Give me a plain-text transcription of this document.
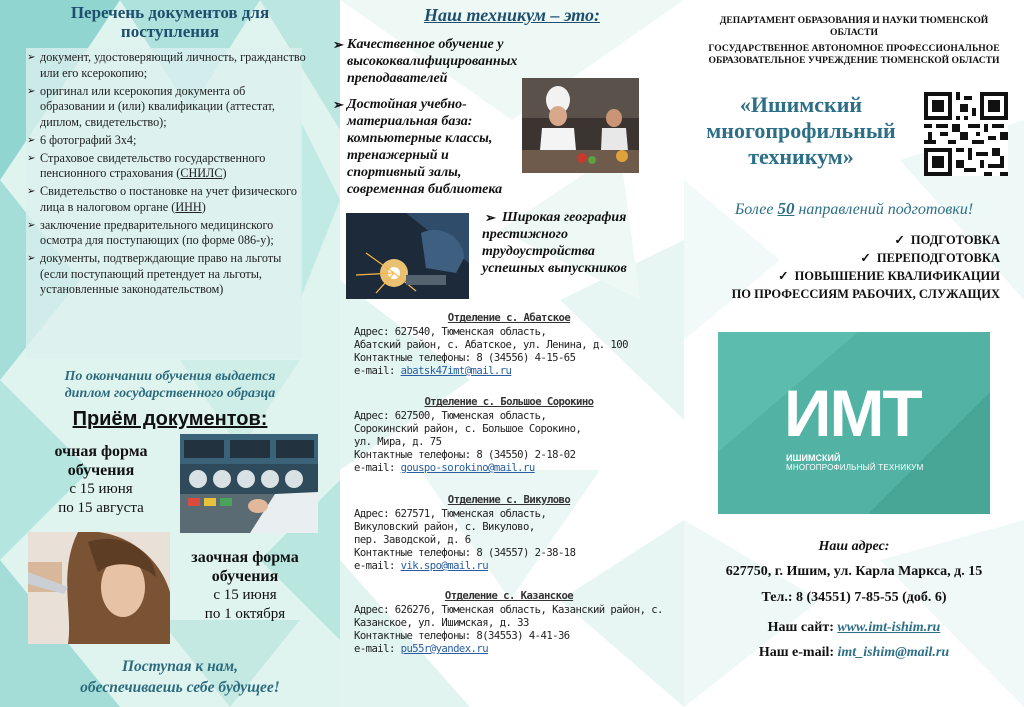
Перечень документов для поступления
➢ документ, удостоверяющий личность, гражданство или его ксерокопию;
➢ оригинал или ксерокопия документа об образовании и (или) квалификации (аттестат, диплом, свидетельство);
➢ 6 фотографий 3х4;
➢ Страховое свидетельство государственного пенсионного страхования (СНИЛС)
➢ Свидетельство о постановке на учет физического лица в налоговом органе (ИНН)
➢ заключение предварительного медицинского осмотра для поступающих (по форме 086-у);
➢ документы, подтверждающие право на льготы (если поступающий претендует на льготы, установленные законодательством)
По окончании обучения выдается
диплом государственного образца
Приём документов:
очная форма
обучения
с 15 июня
по 15 августа
заочная форма
обучения
с 15 июня
по 1 октября
Поступая к нам,
обеспечиваешь себе будущее!
Наш техникум – это:
➢ Качественное обучение у
высококвалифицированных
преподавателей
➢ Достойная учебно-
материальная база:
компьютерные классы,
тренажерный и
спортивный залы,
современная библиотека
➢ Широкая география
престижного
трудоустройства
успешных выпускников
Отделение с. Абатское
Адрес: 627540, Тюменская область,
Абатский район, с. Абатское, ул. Ленина, д. 100
Контактные телефоны: 8 (34556) 4-15-65
e-mail: abatsk47imt@mail.ru
Отделение с. Большое Сорокино
Адрес: 627500, Тюменская область,
Сорокинский район, с. Большое Сорокино,
ул. Мира, д. 75
Контактные телефоны: 8 (34550) 2-18-02
e-mail: gouspo-sorokino@mail.ru
Отделение с. Викулово
Адрес: 627571, Тюменская область,
Викуловский район, с. Викулово,
пер. Заводской, д. 6
Контактные телефоны: 8 (34557) 2-38-18
e-mail: vik.spo@mail.ru
Отделение с. Казанское
Адрес: 626276, Тюменская область, Казанский район, с.
Казанское, ул. Ишимская, д. 33
Контактные телефоны: 8(34553) 4-41-36
e-mail: pu55r@yandex.ru
ДЕПАРТАМЕНТ ОБРАЗОВАНИЯ И НАУКИ ТЮМЕНСКОЙ
ОБЛАСТИ
ГОСУДАРСТВЕННОЕ АВТОНОМНОЕ ПРОФЕССИОНАЛЬНОЕ
ОБРАЗОВАТЕЛЬНОЕ УЧРЕЖДЕНИЕ ТЮМЕНСКОЙ ОБЛАСТИ
«Ишимский
многопрофильный
техникум»
Более 50 направлений подготовки!
✓ ПОДГОТОВКА
✓ ПЕРЕПОДГОТОВКА
✓ ПОВЫШЕНИЕ КВАЛИФИКАЦИИ
ПО ПРОФЕССИЯМ РАБОЧИХ, СЛУЖАЩИХ
ИМТ
ИШИМСКИЙ
МНОГОПРОФИЛЬНЫЙ ТЕХНИКУМ
Наш адрес:
627750, г. Ишим, ул. Карла Маркса, д. 15
Тел.: 8 (34551) 7-85-55 (доб. 6)
Наш сайт: www.imt-ishim.ru
Наш e-mail: imt_ishim@mail.ru
